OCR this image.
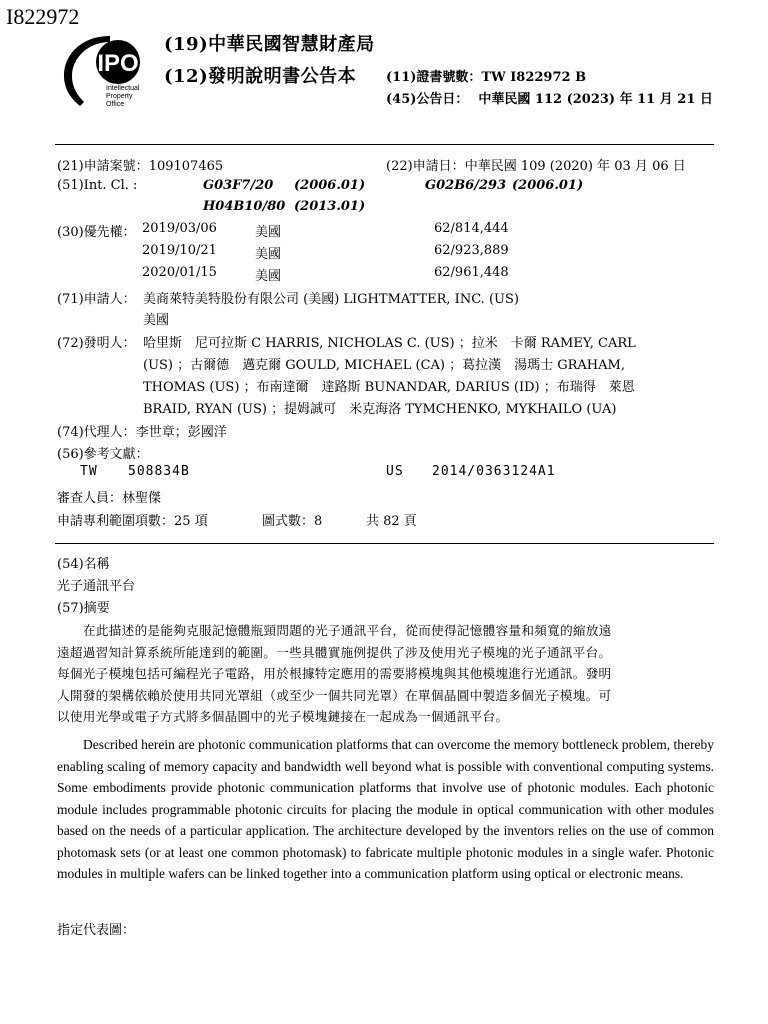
I822972
IPO
Intellectual
Property
Office
(19)中華民國智慧財產局
(12)發明說明書公告本 (11)證書號數：TW I822972 B
(45)公告日： 中華民國 112 (2023) 年 11 月 21 日
(21)申請案號：109107465	(22)申請日：中華民國 109 (2020) 年 03 月 06 日
(51)Int. Cl. :	G03F7/20 (2006.01)	G02B6/293 (2006.01)
H04B10/80 (2013.01)
(30)優先權： 2019/03/06	美國	62/814,444
2019/10/21	美國	62/923,889
2020/01/15	美國	62/961,448
(71)申請人： 美商萊特美特股份有限公司 (美國) LIGHTMATTER, INC. (US)
美國
(72)發明人： 哈里斯　尼可拉斯 C HARRIS, NICHOLAS C. (US) ；拉米　卡爾 RAMEY, CARL
(US) ；古爾德　邁克爾 GOULD, MICHAEL (CA) ；葛拉漢　湯瑪士 GRAHAM,
THOMAS (US) ；布南達爾　達路斯 BUNANDAR, DARIUS (ID) ；布瑞得　萊恩
BRAID, RYAN (US) ；提姆誠可　米克海洛 TYMCHENKO, MYKHAILO (UA)
(74)代理人：李世章；彭國洋
(56)參考文獻：
TW 508834B	US 2014/0363124A1
審查人員：林聖傑
申請專利範圍項數：25 項	圖式數：8	共 82 頁
(54)名稱
光子通訊平台
(57)摘要

在此描述的是能夠克服記憶體瓶頸問題的光子通訊平台，從而使得記憶體容量和頻寬的縮放遠

遠超過習知計算系統所能達到的範圍。一些具體實施例提供了涉及使用光子模塊的光子通訊平台。

每個光子模塊包括可編程光子電路，用於根據特定應用的需要將模塊與其他模塊進行光通訊。發明

人開發的架構依賴於使用共同光罩組（或至少一個共同光罩）在單個晶圓中製造多個光子模塊。可

以使用光學或電子方式將多個晶圓中的光子模塊鏈接在一起成為一個通訊平台。

Described herein are photonic communication platforms that can overcome the memory bottleneck problem, thereby enabling scaling of memory capacity and bandwidth well beyond what is possible with conventional computing systems. Some embodiments provide photonic communication platforms that involve use of photonic modules. Each photonic module includes programmable photonic circuits for placing the module in optical communication with other modules based on the needs of a particular application. The architecture developed by the inventors relies on the use of common photomask sets (or at least one common photomask) to fabricate multiple photonic modules in a single wafer. Photonic modules in multiple wafers can be linked together into a communication platform using optical or electronic means.

指定代表圖：
